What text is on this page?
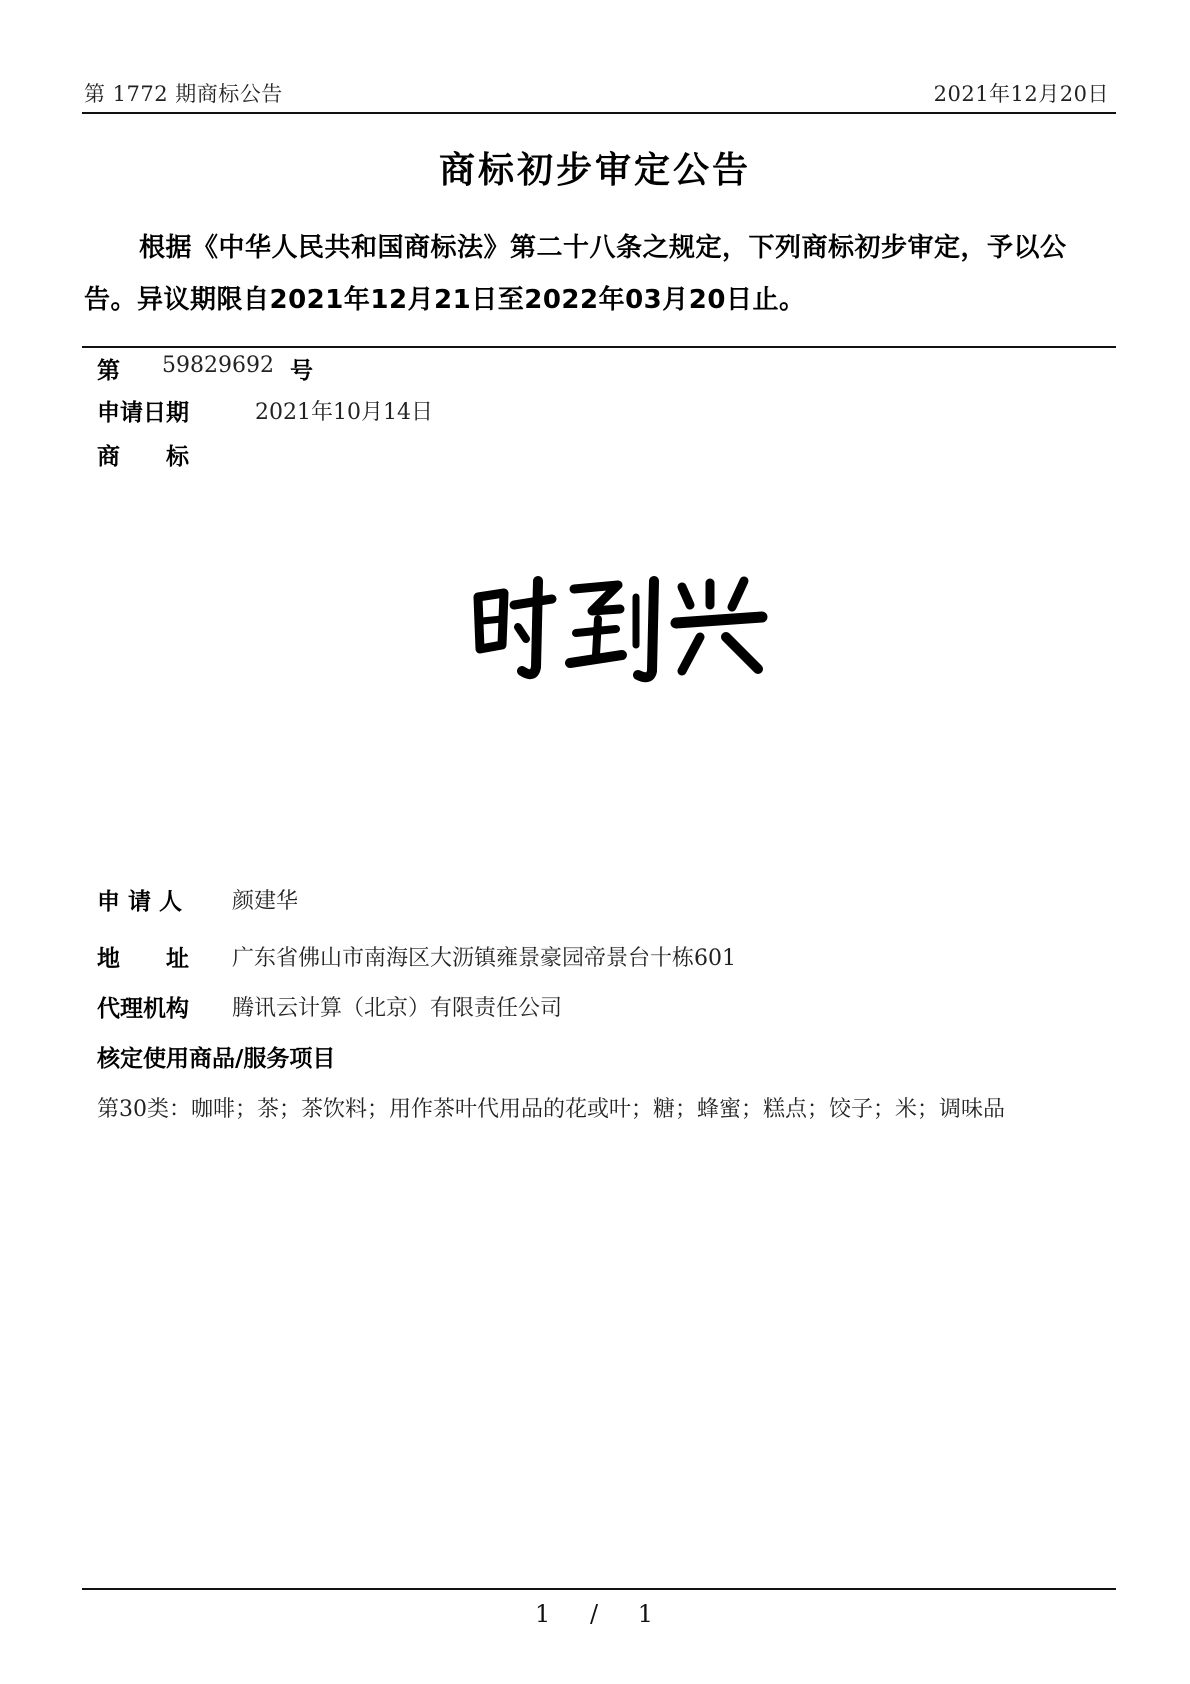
第 1772 期商标公告	2021年12月20日
商标初步审定公告
根据《中华人民共和国商标法》第二十八条之规定，下列商标初步审定，予以公告。异议期限自2021年12月21日至2022年03月20日止。
第 59829692 号
申请日期	2021年10月14日
商　　标
申 请 人 颜建华
地　　址 广东省佛山市南海区大沥镇雍景豪园帝景台十栋601
代理机构 腾讯云计算（北京）有限责任公司
核定使用商品/服务项目
第30类：咖啡；茶；茶饮料；用作茶叶代用品的花或叶；糖；蜂蜜；糕点；饺子；米；调味品
1 / 1
